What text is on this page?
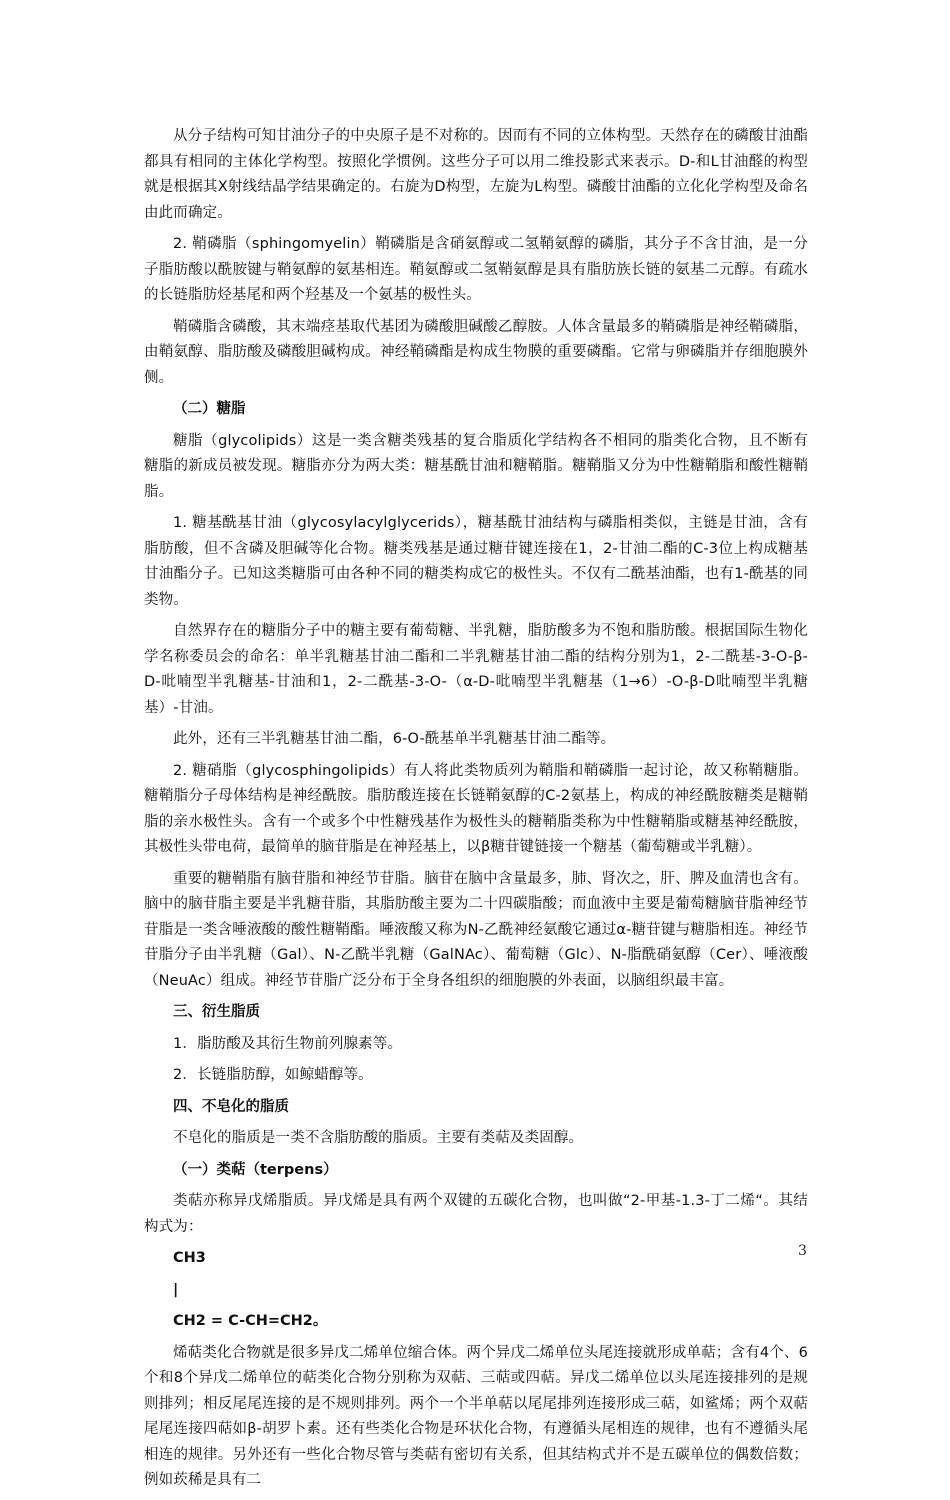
从分子结构可知甘油分子的中央原子是不对称的。因而有不同的立体构型。天然存在的磷酸甘油酯都具有相同的主体化学构型。按照化学惯例。这些分子可以用二维投影式来表示。D-和L甘油醛的构型就是根据其X射线结晶学结果确定的。右旋为D构型，左旋为L构型。磷酸甘油酯的立化化学构型及命名由此而确定。

2. 鞘磷脂（sphingomyelin）鞘磷脂是含硝氨醇或二氢鞘氨醇的磷脂，其分子不含甘油，是一分子脂肪酸以酰胺键与鞘氨醇的氨基相连。鞘氨醇或二氢鞘氨醇是具有脂肪族长链的氨基二元醇。有疏水的长链脂肪烃基尾和两个羟基及一个氨基的极性头。

鞘磷脂含磷酸，其末端痉基取代基团为磷酸胆碱酸乙醇胺。人体含量最多的鞘磷脂是神经鞘磷脂，由鞘氨醇、脂肪酸及磷酸胆碱构成。神经鞘磷酯是构成生物膜的重要磷酯。它常与卵磷脂并存细胞膜外侧。

（二）糖脂

糖脂（glycolipids）这是一类含糖类残基的复合脂质化学结构各不相同的脂类化合物，且不断有糖脂的新成员被发现。糖脂亦分为两大类：糖基酰甘油和糖鞘脂。糖鞘脂又分为中性糖鞘脂和酸性糖鞘脂。

1. 糖基酰基甘油（glycosylacylglycerids），糖基酰甘油结构与磷脂相类似，主链是甘油，含有脂肪酸，但不含磷及胆碱等化合物。糖类残基是通过糖苷键连接在1，2-甘油二酯的C-3位上构成糖基甘油酯分子。已知这类糖脂可由各种不同的糖类构成它的极性头。不仅有二酰基油酯，也有1-酰基的同类物。

自然界存在的糖脂分子中的糖主要有葡萄糖、半乳糖，脂肪酸多为不饱和脂肪酸。根据国际生物化学名称委员会的命名：单半乳糖基甘油二酯和二半乳糖基甘油二酯的结构分别为1，2-二酰基-3-O-β-D-吡喃型半乳糖基-甘油和1，2-二酰基-3-O-（α-D-吡喃型半乳糖基（1→6）-O-β-D吡喃型半乳糖基）-甘油。

此外，还有三半乳糖基甘油二酯，6-O-酰基单半乳糖基甘油二酯等。

2. 糖硝脂（glycosphingolipids）有人将此类物质列为鞘脂和鞘磷脂一起讨论，故又称鞘糖脂。糖鞘脂分子母体结构是神经酰胺。脂肪酸连接在长链鞘氨醇的C-2氨基上，构成的神经酰胺糖类是糖鞘脂的亲水极性头。含有一个或多个中性糖残基作为极性头的糖鞘脂类称为中性糖鞘脂或糖基神经酰胺，其极性头带电荷，最简单的脑苷脂是在神羟基上，以β糖苷键链接一个糖基（葡萄糖或半乳糖）。

重要的糖鞘脂有脑苷脂和神经节苷脂。脑苷在脑中含量最多，肺、肾次之，肝、脾及血清也含有。脑中的脑苷脂主要是半乳糖苷脂，其脂肪酸主要为二十四碳脂酸；而血液中主要是葡萄糖脑苷脂神经节苷脂是一类含唾液酸的酸性糖鞘酯。唾液酸又称为N-乙酰神经氨酸它通过α-糖苷键与糖脂相连。神经节苷脂分子由半乳糖（Gal）、N-乙酰半乳糖（GalNAc）、葡萄糖（Glc）、N-脂酰硝氨醇（Cer）、唾液酸（NeuAc）组成。神经节苷脂广泛分布于全身各组织的细胞膜的外表面，以脑组织最丰富。

三、衍生脂质

1．脂肪酸及其衍生物前列腺素等。

2．长链脂肪醇，如鲸蜡醇等。

四、不皂化的脂质

不皂化的脂质是一类不含脂肪酸的脂质。主要有类萜及类固醇。

（一）类萜（terpens）

类萜亦称异戊烯脂质。异戊烯是具有两个双键的五碳化合物，也叫做“2-甲基-1.3-丁二烯“。其结构式为：

CH3
|
CH2 = C-CH=CH2。

烯萜类化合物就是很多异戊二烯单位缩合体。两个异戊二烯单位头尾连接就形成单萜；含有4个、6个和8个异戊二烯单位的萜类化合物分别称为双萜、三萜或四萜。异戊二烯单位以头尾连接排列的是规则排列；相反尾尾连接的是不规则排列。两个一个半单萜以尾尾排列连接形成三萜，如鲨烯；两个双萜尾尾连接四萜如β-胡罗卜素。还有些类化合物是环状化合物，有遵循头尾相连的规律，也有不遵循头尾相连的规律。另外还有一些化合物尽管与类萜有密切有关系，但其结构式并不是五碳单位的偶数倍数；例如莰稀是具有二

3
